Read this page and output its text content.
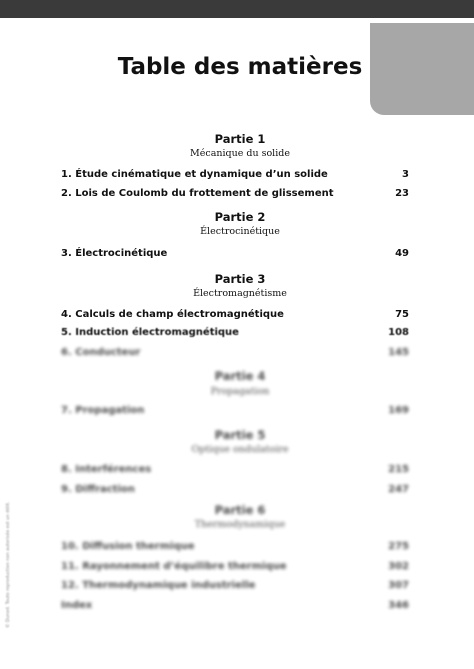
Table des matières
Partie 1
Mécanique du solide
1. Étude cinématique et dynamique d’un solide	3
2. Lois de Coulomb du frottement de glissement	23
Partie 2
Électrocinétique
3. Électrocinétique	49
Partie 3
Électromagnétisme
4. Calculs de champ électromagnétique	75
5. Induction électromagnétique	108
6. Conducteur	145
Partie 4
Propagation
7. Propagation	169
Partie 5
Optique ondulatoire
8. Interférences	215
9. Diffraction	247
Partie 6
Thermodynamique
10. Diffusion thermique	275
11. Rayonnement d’équilibre thermique	302
12. Thermodynamique industrielle	307
Index	346
© Dunod. Toute reproduction non autorisée est un délit.
